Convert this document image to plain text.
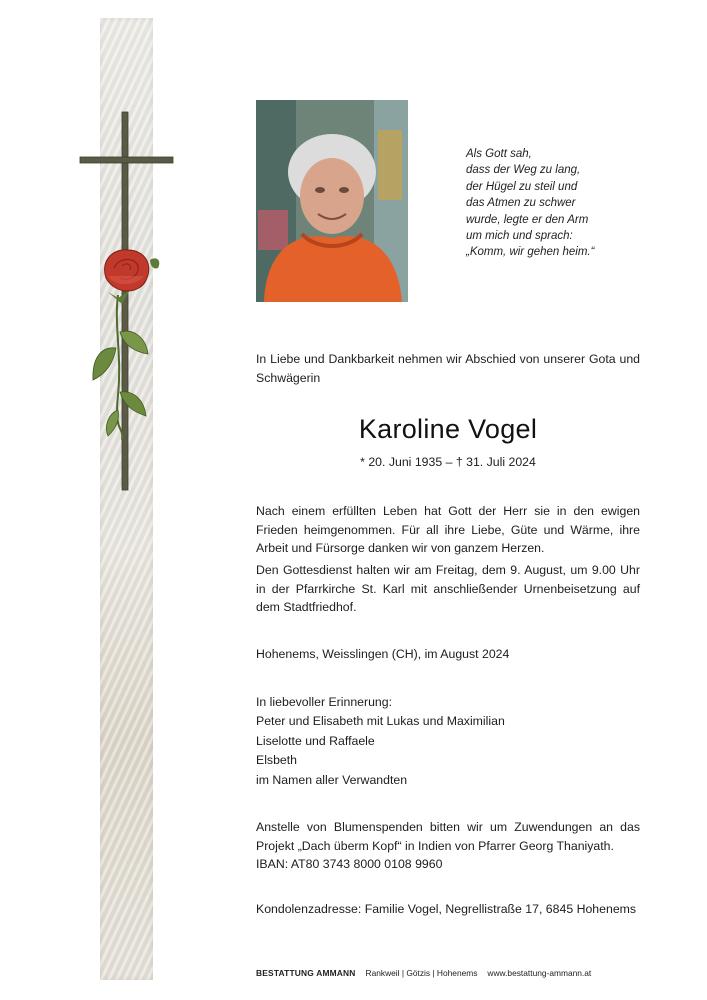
Als Gott sah,
dass der Weg zu lang,
der Hügel zu steil und
das Atmen zu schwer
wurde, legte er den Arm
um mich und sprach:
„Komm, wir gehen heim.“
In Liebe und Dankbarkeit nehmen wir Abschied von unserer Gota und Schwägerin
Karoline Vogel
* 20. Juni 1935 – † 31. Juli 2024
Nach einem erfüllten Leben hat Gott der Herr sie in den ewigen Frieden heimgenommen. Für all ihre Liebe, Güte und Wärme, ihre Arbeit und Fürsorge danken wir von ganzem Herzen.
Den Gottesdienst halten wir am Freitag, dem 9. August, um 9.00 Uhr in der Pfarrkirche St. Karl mit anschließender Urnenbeisetzung auf dem Stadtfriedhof.
Hohenems, Weisslingen (CH), im August 2024
In liebevoller Erinnerung:
Peter und Elisabeth mit Lukas und Maximilian
Liselotte und Raffaele
Elsbeth
im Namen aller Verwandten
Anstelle von Blumenspenden bitten wir um Zuwendungen an das Projekt „Dach überm Kopf“ in Indien von Pfarrer Georg Thaniyath.
IBAN: AT80 3743 8000 0108 9960
Kondolenzadresse: Familie Vogel, Negrellistraße 17, 6845 Hohenems
BESTATTUNG AMMANN Rankweil | Götzis | Hohenems www.bestattung-ammann.at
